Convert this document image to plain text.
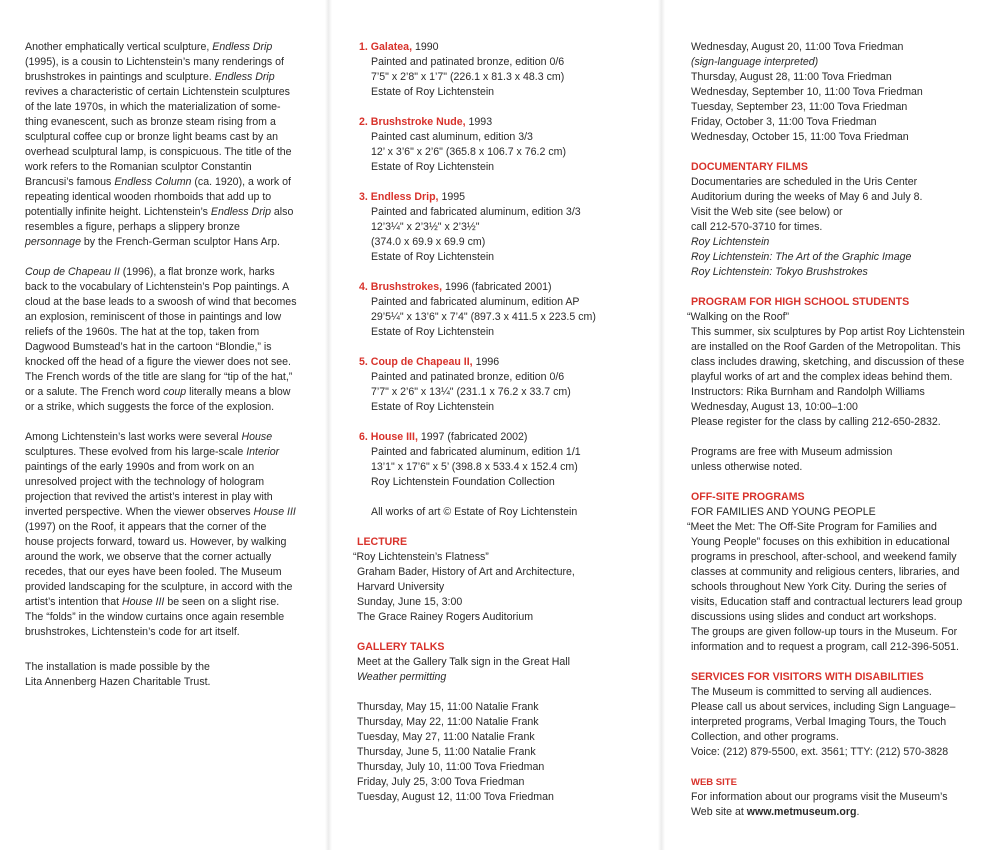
Another emphatically vertical sculpture, Endless Drip (1995), is a cousin to Lichtenstein’s many renderings of brushstrokes in paintings and sculpture. Endless Drip revives a characteristic of certain Lichtenstein sculptures of the late 1970s, in which the materialization of some-thing evanescent, such as bronze steam rising from a sculptural coffee cup or bronze light beams cast by an overhead sculptural lamp, is conspicuous. The title of the work refers to the Romanian sculptor Constantin Brancusi’s famous Endless Column (ca. 1920), a work of repeating identical wooden rhomboids that add up to potentially infinite height. Lichtenstein’s Endless Drip also resembles a figure, perhaps a slippery bronze personnage by the French-German sculptor Hans Arp.

Coup de Chapeau II (1996), a flat bronze work, harks back to the vocabulary of Lichtenstein’s Pop paintings. A cloud at the base leads to a swoosh of wind that becomes an explosion, reminiscent of those in paintings and low reliefs of the 1960s. The hat at the top, taken from Dagwood Bumstead’s hat in the cartoon “Blondie,” is knocked off the head of a figure the viewer does not see. The French words of the title are slang for “tip of the hat,” or a salute. The French word coup literally means a blow or a strike, which suggests the force of the explosion.

Among Lichtenstein’s last works were several House sculptures. These evolved from his large-scale Interior paintings of the early 1990s and from work on an unresolved project with the technology of hologram projection that revived the artist’s interest in play with inverted perspective. When the viewer observes House III (1997) on the Roof, it appears that the corner of the house projects forward, toward us. However, by walking around the work, we observe that the corner actually recedes, that our eyes have been fooled. The Museum provided landscaping for the sculpture, in accord with the artist’s intention that House III be seen on a slight rise. The “folds” in the window curtains once again resemble brushstrokes, Lichtenstein’s code for art itself.

The installation is made possible by the
Lita Annenberg Hazen Charitable Trust.

1. Galatea, 1990
Painted and patinated bronze, edition 0/6
7’5" x 2’8" x 1’7" (226.1 x 81.3 x 48.3 cm)
Estate of Roy Lichtenstein
2. Brushstroke Nude, 1993
Painted cast aluminum, edition 3/3
12’ x 3’6" x 2’6" (365.8 x 106.7 x 76.2 cm)
Estate of Roy Lichtenstein
3. Endless Drip, 1995
Painted and fabricated aluminum, edition 3/3
12’3¼" x 2’3½" x 2’3½"
(374.0 x 69.9 x 69.9 cm)
Estate of Roy Lichtenstein
4. Brushstrokes, 1996 (fabricated 2001)
Painted and fabricated aluminum, edition AP
29’5¼" x 13’6" x 7’4" (897.3 x 411.5 x 223.5 cm)
Estate of Roy Lichtenstein
5. Coup de Chapeau II, 1996
Painted and patinated bronze, edition 0/6
7’7" x 2’6" x 13¼" (231.1 x 76.2 x 33.7 cm)
Estate of Roy Lichtenstein
6. House III, 1997 (fabricated 2002)
Painted and fabricated aluminum, edition 1/1
13’1" x 17’6" x 5’ (398.8 x 533.4 x 152.4 cm)
Roy Lichtenstein Foundation Collection
All works of art © Estate of Roy Lichtenstein
LECTURE
“Roy Lichtenstein’s Flatness”
Graham Bader, History of Art and Architecture,
Harvard University
Sunday, June 15, 3:00
The Grace Rainey Rogers Auditorium
GALLERY TALKS
Meet at the Gallery Talk sign in the Great Hall
Weather permitting
Thursday, May 15, 11:00 Natalie Frank
Thursday, May 22, 11:00 Natalie Frank
Tuesday, May 27, 11:00 Natalie Frank
Thursday, June 5, 11:00 Natalie Frank
Thursday, July 10, 11:00 Tova Friedman
Friday, July 25, 3:00 Tova Friedman
Tuesday, August 12, 11:00 Tova Friedman
Wednesday, August 20, 11:00 Tova Friedman
(sign-language interpreted)
Thursday, August 28, 11:00 Tova Friedman
Wednesday, September 10, 11:00 Tova Friedman
Tuesday, September 23, 11:00 Tova Friedman
Friday, October 3, 11:00 Tova Friedman
Wednesday, October 15, 11:00 Tova Friedman
DOCUMENTARY FILMS
Documentaries are scheduled in the Uris Center
Auditorium during the weeks of May 6 and July 8.
Visit the Web site (see below) or
call 212-570-3710 for times.
Roy Lichtenstein
Roy Lichtenstein: The Art of the Graphic Image
Roy Lichtenstein: Tokyo Brushstrokes
PROGRAM FOR HIGH SCHOOL STUDENTS
“Walking on the Roof”
This summer, six sculptures by Pop artist Roy Lichtenstein
are installed on the Roof Garden of the Metropolitan. This
class includes drawing, sketching, and discussion of these
playful works of art and the complex ideas behind them.
Instructors: Rika Burnham and Randolph Williams
Wednesday, August 13, 10:00–1:00
Please register for the class by calling 212-650-2832.
Programs are free with Museum admission
unless otherwise noted.
OFF-SITE PROGRAMS
FOR FAMILIES AND YOUNG PEOPLE
“Meet the Met: The Off-Site Program for Families and
Young People” focuses on this exhibition in educational
programs in preschool, after-school, and weekend family
classes at community and religious centers, libraries, and
schools throughout New York City. During the series of
visits, Education staff and contractual lecturers lead group
discussions using slides and conduct art workshops.
The groups are given follow-up tours in the Museum. For
information and to request a program, call 212-396-5051.
SERVICES FOR VISITORS WITH DISABILITIES
The Museum is committed to serving all audiences.
Please call us about services, including Sign Language–
interpreted programs, Verbal Imaging Tours, the Touch
Collection, and other programs.
Voice: (212) 879-5500, ext. 3561; TTY: (212) 570-3828
WEB SITE
For information about our programs visit the Museum’s
Web site at www.metmuseum.org.
